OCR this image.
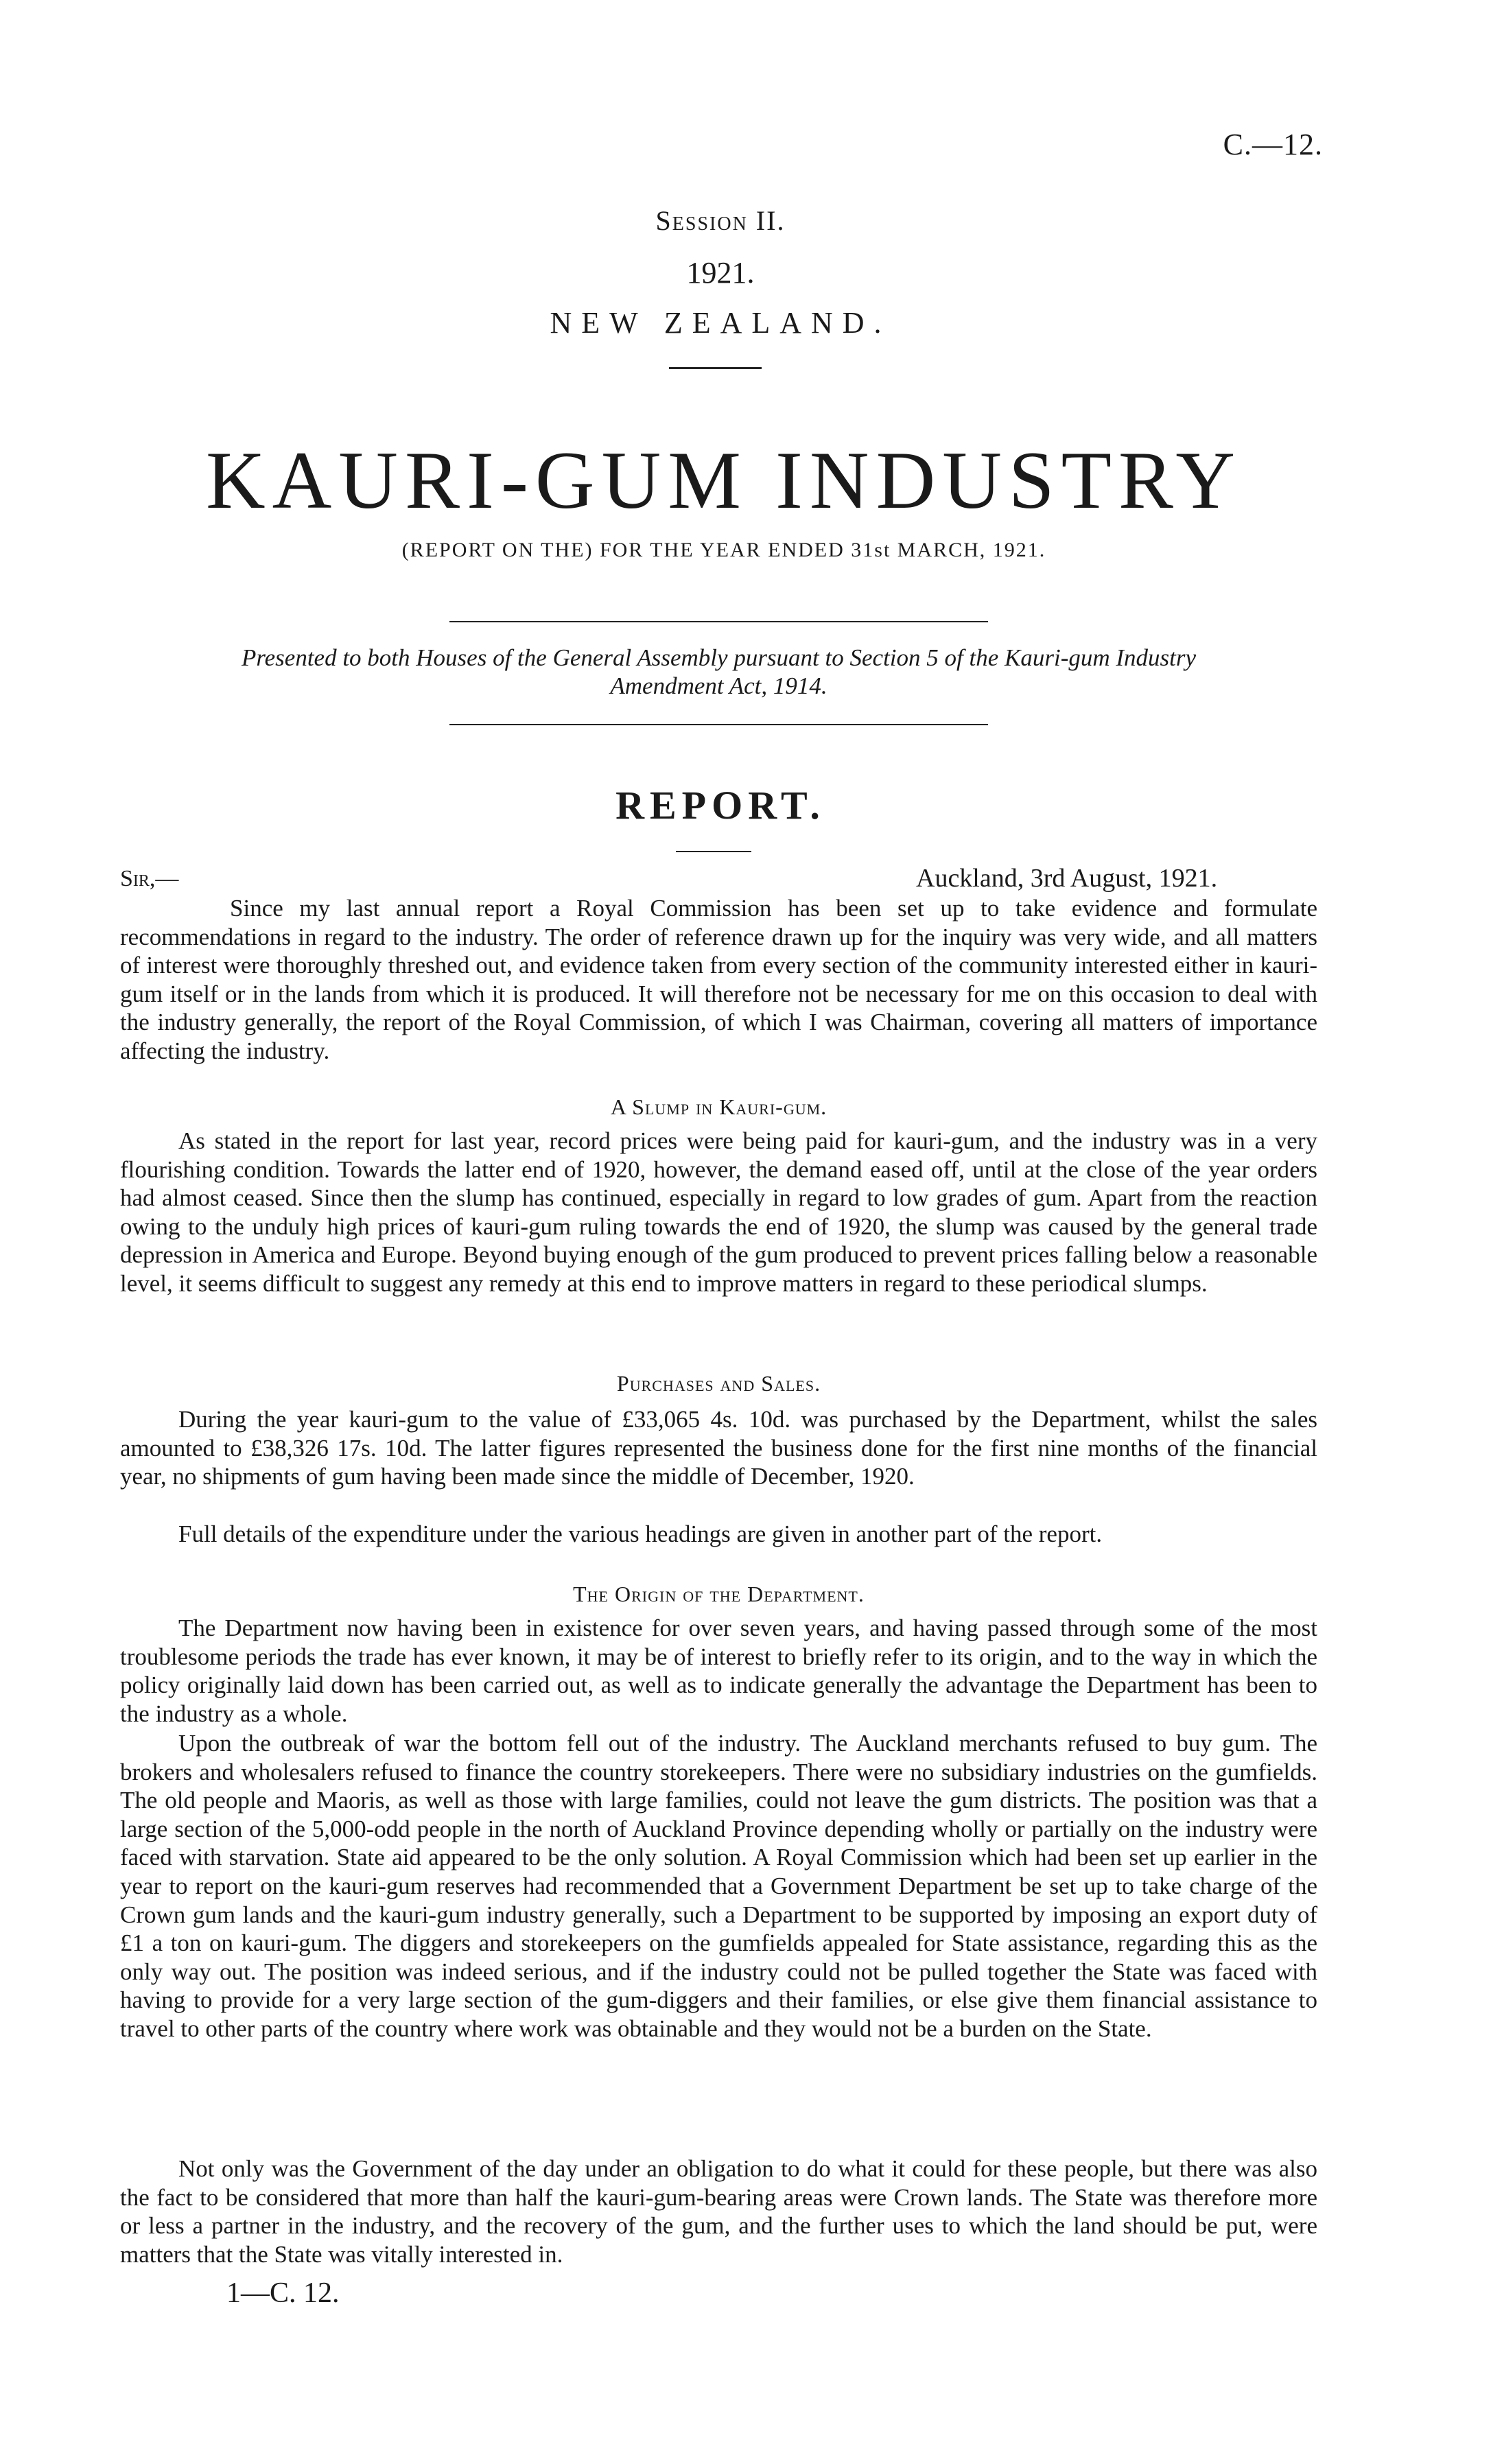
C.—12.
Session II.
1921.
NEW ZEALAND.
KAURI-GUM INDUSTRY
(REPORT ON THE) FOR THE YEAR ENDED 31st MARCH, 1921.
Presented to both Houses of the General Assembly pursuant to Section 5 of the Kauri-gum Industry
Amendment Act, 1914.
REPORT.
Sir,—	Auckland, 3rd August, 1921.

Since my last annual report a Royal Commission has been set up to take evidence and formulate recommendations in regard to the industry. The order of reference drawn up for the inquiry was very wide, and all matters of interest were thoroughly threshed out, and evidence taken from every section of the community interested either in kauri-gum itself or in the lands from which it is produced. It will therefore not be necessary for me on this occasion to deal with the industry generally, the report of the Royal Commission, of which I was Chairman, covering all matters of importance affecting the industry.

A Slump in Kauri-gum.

As stated in the report for last year, record prices were being paid for kauri-gum, and the industry was in a very flourishing condition. Towards the latter end of 1920, however, the demand eased off, until at the close of the year orders had almost ceased. Since then the slump has continued, especially in regard to low grades of gum. Apart from the reaction owing to the unduly high prices of kauri-gum ruling towards the end of 1920, the slump was caused by the general trade depression in America and Europe. Beyond buying enough of the gum produced to prevent prices falling below a reasonable level, it seems difficult to suggest any remedy at this end to improve matters in regard to these periodical slumps.

Purchases and Sales.

During the year kauri-gum to the value of £33,065 4s. 10d. was purchased by the Department, whilst the sales amounted to £38,326 17s. 10d. The latter figures represented the business done for the first nine months of the financial year, no shipments of gum having been made since the middle of December, 1920.

Full details of the expenditure under the various headings are given in another part of the report.

The Origin of the Department.

The Department now having been in existence for over seven years, and having passed through some of the most troublesome periods the trade has ever known, it may be of interest to briefly refer to its origin, and to the way in which the policy originally laid down has been carried out, as well as to indicate generally the advantage the Department has been to the industry as a whole.

Upon the outbreak of war the bottom fell out of the industry. The Auckland merchants refused to buy gum. The brokers and wholesalers refused to finance the country storekeepers. There were no subsidiary industries on the gumfields. The old people and Maoris, as well as those with large families, could not leave the gum districts. The position was that a large section of the 5,000-odd people in the north of Auckland Province depending wholly or partially on the industry were faced with starvation. State aid appeared to be the only solution. A Royal Commission which had been set up earlier in the year to report on the kauri-gum reserves had recommended that a Government Department be set up to take charge of the Crown gum lands and the kauri-gum industry generally, such a Department to be supported by imposing an export duty of £1 a ton on kauri-gum. The diggers and storekeepers on the gumfields appealed for State assistance, regarding this as the only way out. The position was indeed serious, and if the industry could not be pulled together the State was faced with having to provide for a very large section of the gum-diggers and their families, or else give them financial assistance to travel to other parts of the country where work was obtainable and they would not be a burden on the State.

Not only was the Government of the day under an obligation to do what it could for these people, but there was also the fact to be considered that more than half the kauri-gum-bearing areas were Crown lands. The State was therefore more or less a partner in the industry, and the recovery of the gum, and the further uses to which the land should be put, were matters that the State was vitally interested in.

1—C. 12.
